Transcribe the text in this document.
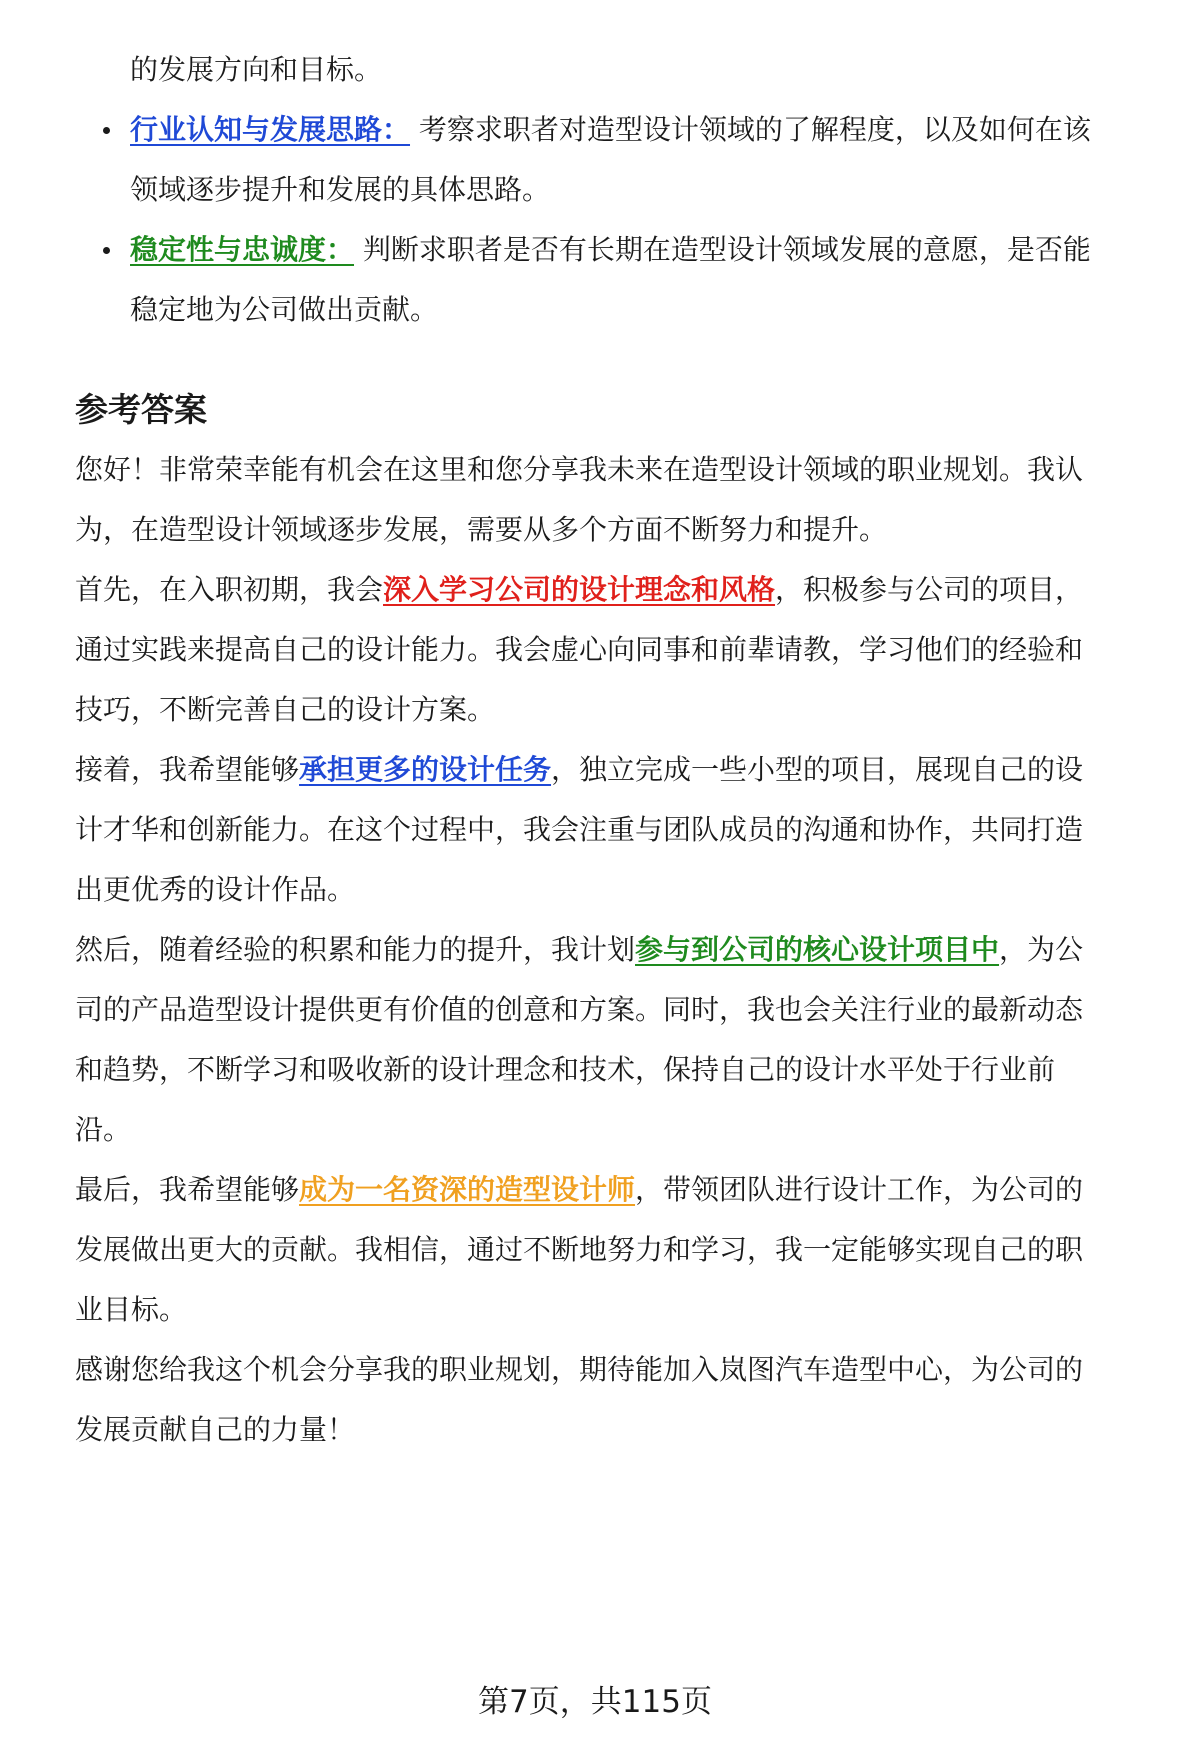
的发展方向和目标。
行业认知与发展思路： 考察求职者对造型设计领域的了解程度，以及如何在该
领域逐步提升和发展的具体思路。
稳定性与忠诚度： 判断求职者是否有长期在造型设计领域发展的意愿，是否能
稳定地为公司做出贡献。
参考答案

您好！非常荣幸能有机会在这里和您分享我未来在造型设计领域的职业规划。我认
为，在造型设计领域逐步发展，需要从多个方面不断努力和提升。

首先，在入职初期，我会深入学习公司的设计理念和风格，积极参与公司的项目，
通过实践来提高自己的设计能力。我会虚心向同事和前辈请教，学习他们的经验和
技巧，不断完善自己的设计方案。

接着，我希望能够承担更多的设计任务，独立完成一些小型的项目，展现自己的设
计才华和创新能力。在这个过程中，我会注重与团队成员的沟通和协作，共同打造
出更优秀的设计作品。

然后，随着经验的积累和能力的提升，我计划参与到公司的核心设计项目中，为公
司的产品造型设计提供更有价值的创意和方案。同时，我也会关注行业的最新动态
和趋势，不断学习和吸收新的设计理念和技术，保持自己的设计水平处于行业前
沿。

最后，我希望能够成为一名资深的造型设计师，带领团队进行设计工作，为公司的
发展做出更大的贡献。我相信，通过不断地努力和学习，我一定能够实现自己的职
业目标。

感谢您给我这个机会分享我的职业规划，期待能加入岚图汽车造型中心，为公司的
发展贡献自己的力量！

第7页，共115页
